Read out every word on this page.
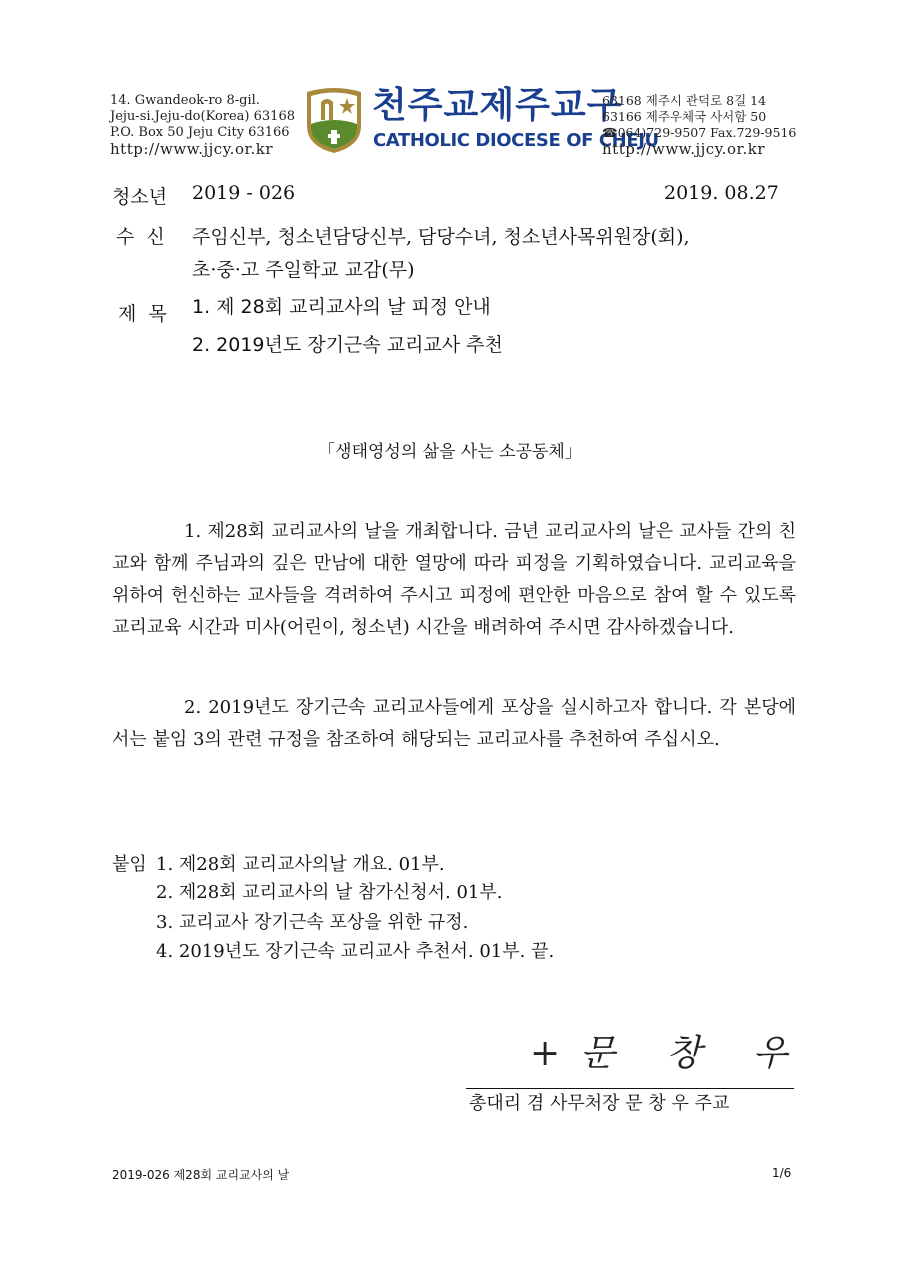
14. Gwandeok-ro 8-gil.
Jeju-si.Jeju-do(Korea) 63168
P.O. Box 50 Jeju City 63166
http://www.jjcy.or.kr
천주교제주교구
CATHOLIC DIOCESE OF CHEJU
63168 제주시 관덕로 8길 14
63166 제주우체국 사서함 50
☎064)729-9507 Fax.729-9516
http://www.jjcy.or.kr
청소년 2019 - 026	2019. 08.27
수  신 주임신부, 청소년담당신부, 담당수녀, 청소년사목위원장(회),
초·중·고 주일학교 교감(무)
제  목 1. 제 28회 교리교사의 날 피정 안내
2. 2019년도 장기근속 교리교사 추천
「생태영성의 삶을 사는 소공동체」

1. 제28회 교리교사의 날을 개최합니다. 금년 교리교사의 날은 교사들 간의 친교와 함께 주님과의 깊은 만남에 대한 열망에 따라 피정을 기획하였습니다. 교리교육을 위하여 헌신하는 교사들을 격려하여 주시고 피정에 편안한 마음으로 참여 할 수 있도록 교리교육 시간과 미사(어린이, 청소년) 시간을 배려하여 주시면 감사하겠습니다.

2. 2019년도 장기근속 교리교사들에게 포상을 실시하고자 합니다. 각 본당에서는 붙임 3의 관련 규정을 참조하여 해당되는 교리교사를 추천하여 주십시오.

붙임 1. 제28회 교리교사의날 개요. 01부.
2. 제28회 교리교사의 날 참가신청서. 01부.
3. 교리교사 장기근속 포상을 위한 규정.
4. 2019년도 장기근속 교리교사 추천서. 01부. 끝.
+문 창 우
총대리 겸 사무처장 문 창 우 주교
2019-026 제28회 교리교사의 날	1/6
